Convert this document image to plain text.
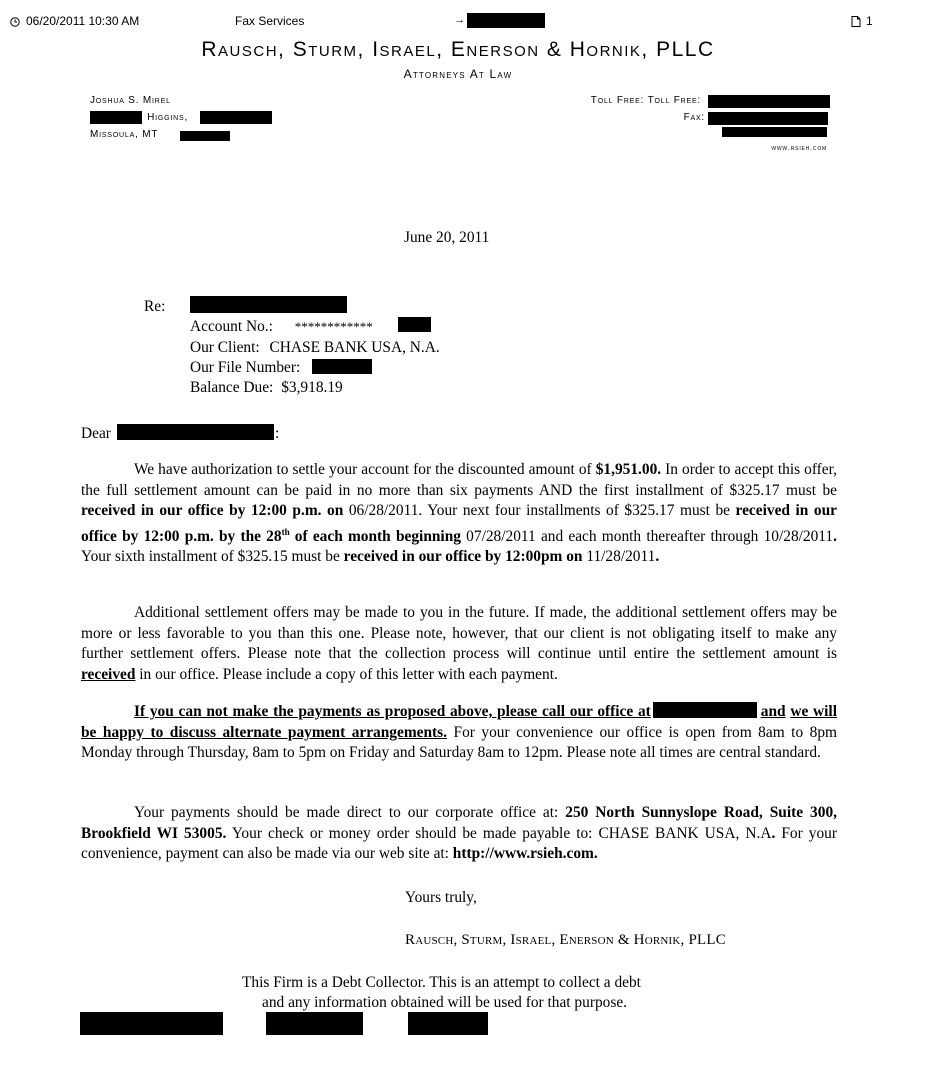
06/20/2011 10:30 AM	Fax Services	→	1
Rausch, Sturm, Israel, Enerson & Hornik, PLLC
Attorneys At Law
Joshua S. Mirel
. Higgins,
Missoula, MT
Toll Free: Toll Free:
Fax:
www.rsieh.com
June 20, 2011
Re:
Account No.: ************
Our Client: CHASE BANK USA, N.A.
Our File Number:
Balance Due: $3,918.19
Dear	:
We have authorization to settle your account for the discounted amount of $1,951.00. In order to accept this offer, the full settlement amount can be paid in no more than six payments AND the first installment of $325.17 must be received in our office by 12:00 p.m. on 06/28/2011. Your next four installments of $325.17 must be received in our office by 12:00 p.m. by the 28th of each month beginning 07/28/2011 and each month thereafter through 10/28/2011. Your sixth installment of $325.15 must be received in our office by 12:00pm on 11/28/2011.
Additional settlement offers may be made to you in the future. If made, the additional settlement offers may be more or less favorable to you than this one. Please note, however, that our client is not obligating itself to make any further settlement offers. Please note that the collection process will continue until entire the settlement amount is received in our office. Please include a copy of this letter with each payment.
If you can not make the payments as proposed above, please call our office at	and we will be happy to discuss alternate payment arrangements. For your convenience our office is open from 8am to 8pm Monday through Thursday, 8am to 5pm on Friday and Saturday 8am to 12pm. Please note all times are central standard.
Your payments should be made direct to our corporate office at: 250 North Sunnyslope Road, Suite 300, Brookfield WI 53005. Your check or money order should be made payable to: CHASE BANK USA, N.A. For your convenience, payment can also be made via our web site at: http://www.rsieh.com.
Yours truly,
Rausch, Sturm, Israel, Enerson & Hornik, PLLC
This Firm is a Debt Collector. This is an attempt to collect a debt
and any information obtained will be used for that purpose.
